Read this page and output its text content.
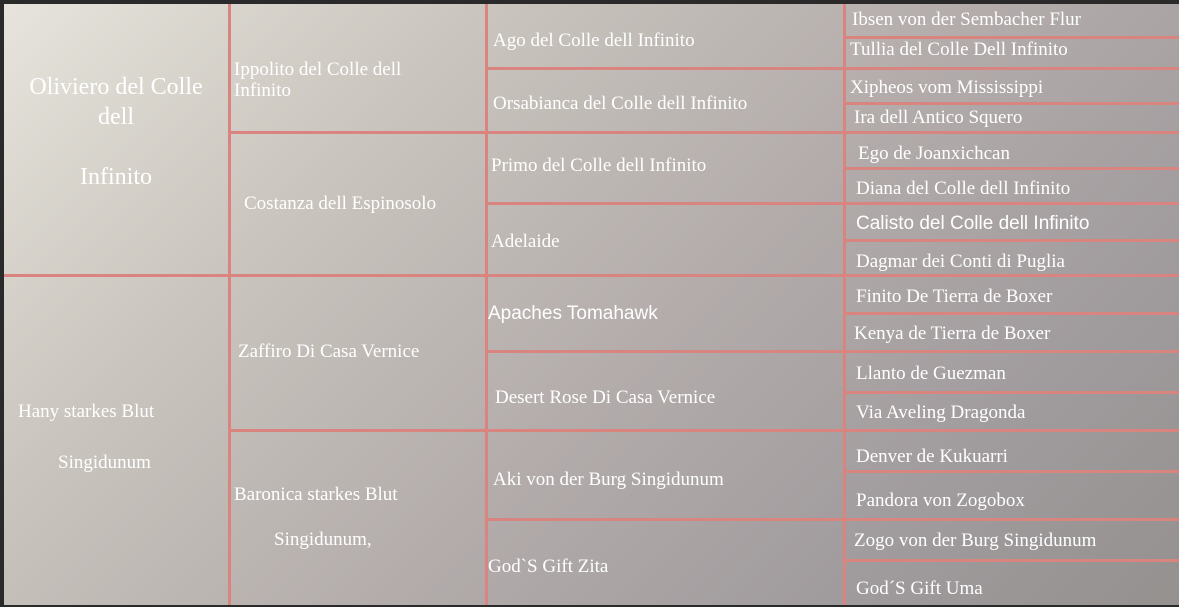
Oliviero del Colle
dell
Infinito
Hany starkes Blut
Singidunum
Ippolito del Colle dell
Infinito
Costanza dell Espinosolo
Zaffiro Di Casa Vernice
Baronica starkes Blut
Singidunum,
Ago del Colle dell Infinito
Orsabianca del Colle dell Infinito
Primo del Colle dell Infinito
Adelaide
Apaches Tomahawk
Desert Rose Di Casa Vernice
Aki von der Burg Singidunum
God`S Gift Zita
Ibsen von der Sembacher Flur
Tullia del Colle Dell Infinito
Xipheos vom Mississippi
Ira dell Antico Squero
Ego de Joanxichcan
Diana del Colle dell Infinito
Calisto del Colle dell Infinito
Dagmar dei Conti di Puglia
Finito De Tierra de Boxer
Kenya de Tierra de Boxer
Llanto de Guezman
Via Aveling Dragonda
Denver de Kukuarri
Pandora von Zogobox
Zogo von der Burg Singidunum
God´S Gift Uma
